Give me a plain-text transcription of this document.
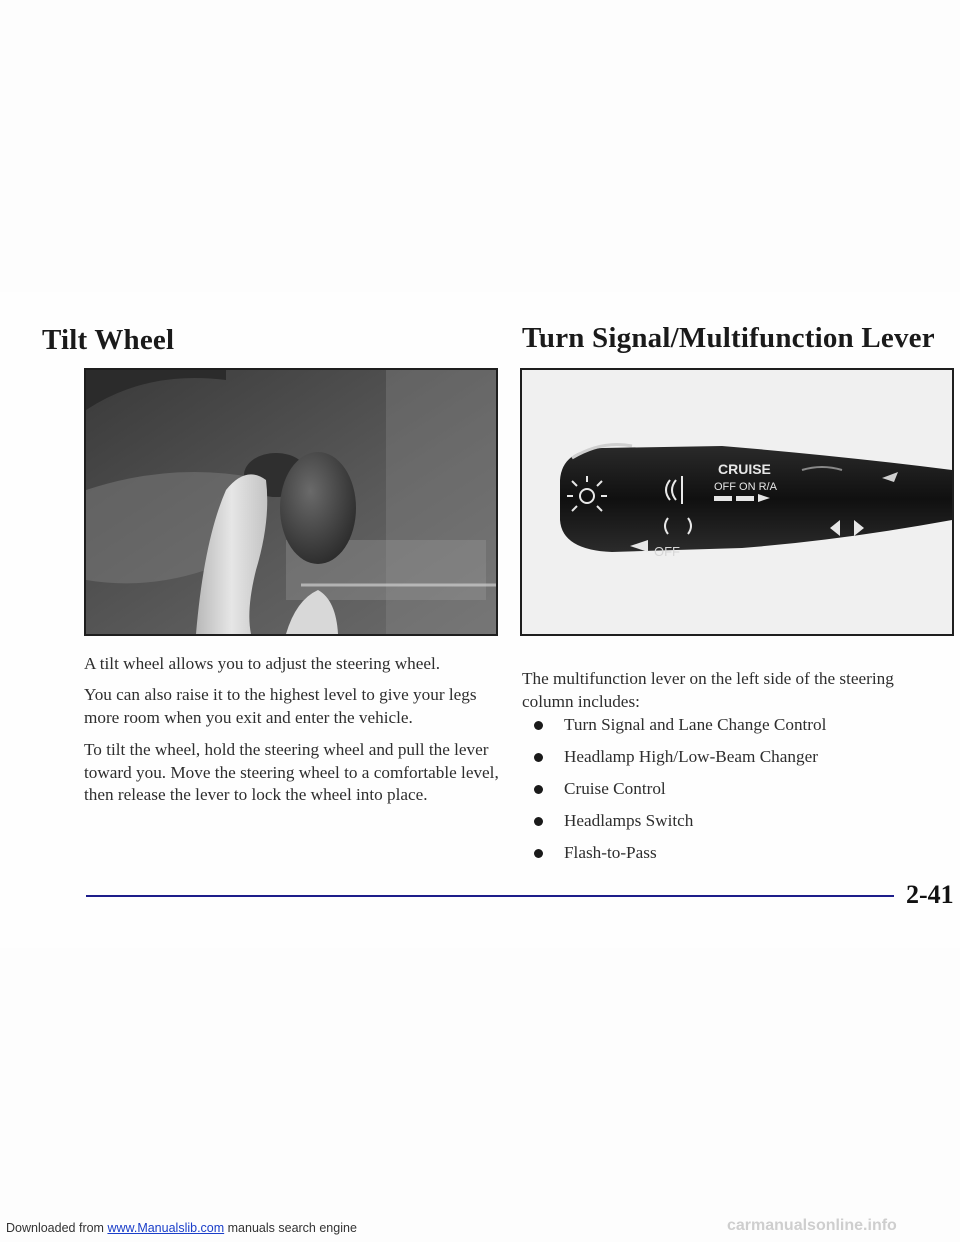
Tilt Wheel	Turn Signal/Multifunction Lever
CRUISE
OFF ON R/A
OFF

A tilt wheel allows you to adjust the steering wheel.

You can also raise it to the highest level to give your legs more room when you exit and enter the vehicle.

To tilt the wheel, hold the steering wheel and pull the lever toward you. Move the steering wheel to a comfortable level, then release the lever to lock the wheel into place.

The multifunction lever on the left side of the steering column includes:

Turn Signal and Lane Change Control
Headlamp High/Low-Beam Changer
Cruise Control
Headlamps Switch
Flash-to-Pass

2-41

Downloaded from www.Manualslib.com manuals search engine	carmanualsonline.info
